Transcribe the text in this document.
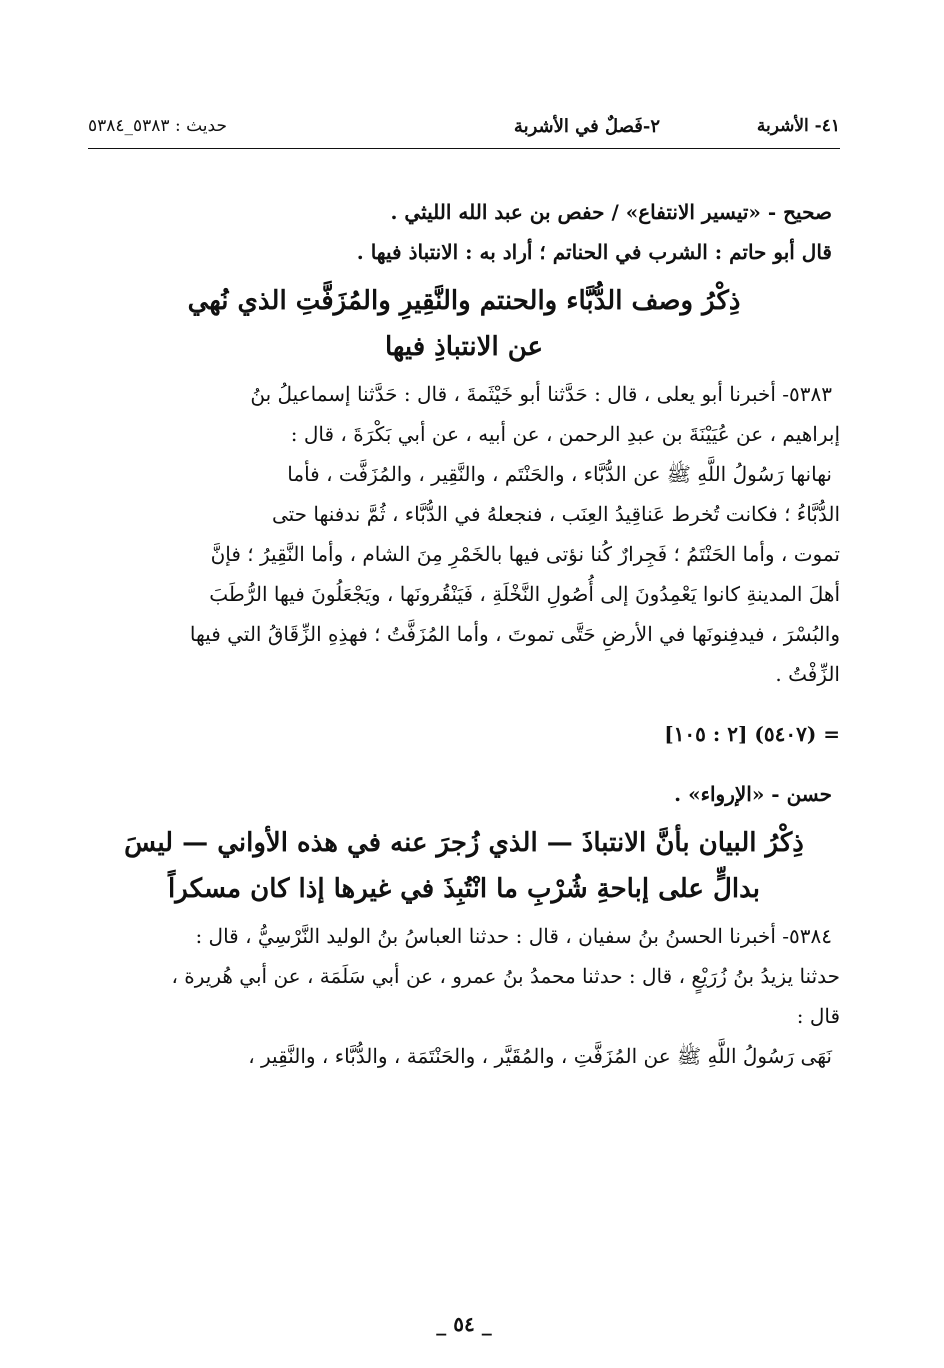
٤١- الأشربة
٢-فَصلٌ في الأشربة
حديث : ٥٣٨٣_٥٣٨٤

صحيح - «تيسير الانتفاع» / حفص بن عبد الله الليثي .

قال أبو حاتم : الشرب في الحناتم ؛ أراد به : الانتباذ فيها .

ذِكْرُ وصف الدُّبَّاء والحنتم والنَّقِيرِ والمُزَفَّتِ الذي نُهي
عن الانتباذِ فيها

٥٣٨٣- أخبرنا أبو يعلى ، قال : حَدَّثنا أبو خَيْثَمةَ ، قال : حَدَّثنا إسماعيلُ بنُ

إبراهيم ، عن عُيَيْنَةَ بن عبدِ الرحمن ، عن أبيه ، عن أبي بَكْرَةَ ، قال :

نهانها رَسُولُ اللَّهِ ﷺ عن الدُّبَّاء ، والحَنْتَم ، والنَّقِير ، والمُزَفَّت ، فأما

الدُّبَّاءُ ؛ فكانت تُخرط عَناقِيدُ العِنَب ، فنجعلهُ في الدُّبَّاء ، ثُمَّ ندفنها حتى

تموت ، وأما الحَنْتَمُ ؛ فَجِرارٌ كُنا نؤتى فيها بالخَمْرِ مِنَ الشام ، وأما النَّقِيرُ ؛ فإنَّ

أهلَ المدينةِ كانوا يَعْمِدُونَ إلى أُصُولِ النَّخْلَةِ ، فَيَنْقُرونَها ، ويَجْعَلُونَ فيها الرُّطَبَ

والبُسْرَ ، فيدفِنونَها في الأرضِ حَتَّى تموتَ ، وأما المُزَفَّتُ ؛ فهذِهِ الزِّقَاقُ التي فيها

الزِّفْتُ .

= (٥٤٠٧) [٢ : ١٠٥]

حسن - «الإرواء» .

ذِكْرُ البيان بأنَّ الانتباذَ — الذي زُجرَ عنه في هذه الأواني — ليسَ
بدالٍّ على إباحةِ شُرْبِ ما انْتُبِذَ في غيرها إذا كان مسكراً

٥٣٨٤- أخبرنا الحسنُ بنُ سفيان ، قال : حدثنا العباسُ بنُ الوليد النَّرْسِيُّ ، قال :

حدثنا يزيدُ بنُ زُرَيْعٍ ، قال : حدثنا محمدُ بنُ عمرو ، عن أبي سَلَمَة ، عن أبي هُريرة ،

قال :

نَهَى رَسُولُ اللَّهِ ﷺ عن المُزَفَّتِ ، والمُقَيَّر ، والحَنْتَمَة ، والدُّبَّاء ، والنَّقِير ،

_ ٥٤ _
